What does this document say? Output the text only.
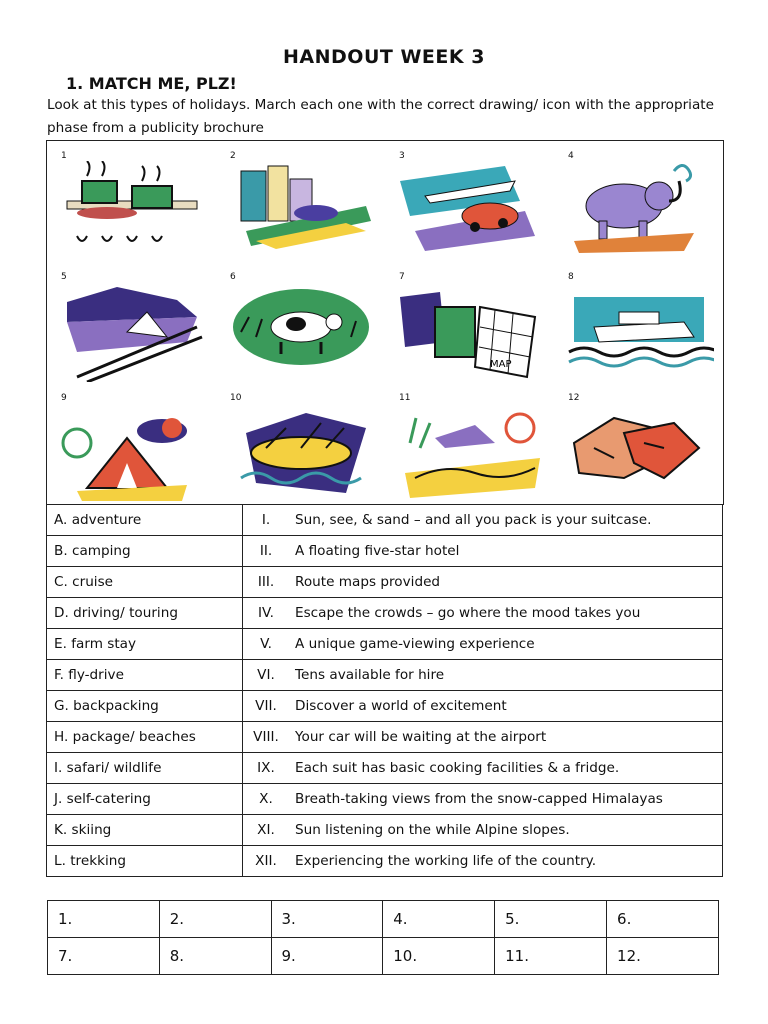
HANDOUT WEEK 3
1. MATCH ME, PLZ!
Look at this types of holidays. March each one with the correct drawing/ icon with the appropriate phase from a publicity brochure
1	2	3	4
5	6	7
MAP
8
9	10	11	12
A. adventure	I.	Sun, see, & sand – and all you pack is your suitcase.
B. camping	II.	A floating five-star hotel
C. cruise	III.	Route maps provided
D. driving/ touring	IV.	Escape the crowds – go where the mood takes you
E. farm stay	V.	A unique game-viewing experience
F. fly-drive	VI.	Tens available for hire
G. backpacking	VII.	Discover a world of excitement
H. package/ beaches	VIII.	Your car will be waiting at the airport
I. safari/ wildlife	IX.	Each suit has basic cooking facilities & a fridge.
J. self-catering	X.	Breath-taking views from the snow-capped Himalayas
K. skiing	XI.	Sun listening on the while Alpine slopes.
L. trekking	XII.	Experiencing the working life of the country.
1.	2.	3.	4.	5.	6.
7.	8.	9.	10.	11.	12.
